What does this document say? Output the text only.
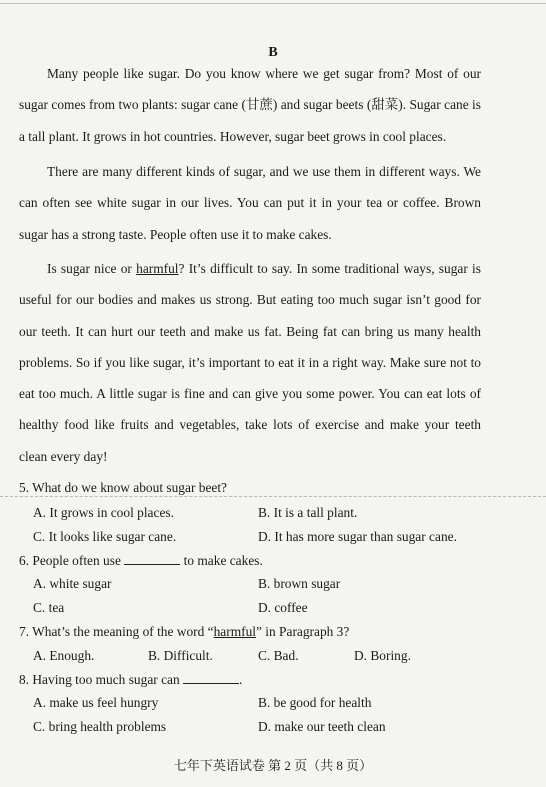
B

Many people like sugar. Do you know where we get sugar from? Most of our sugar comes from two plants: sugar cane (甘蔗) and sugar beets (甜菜). Sugar cane is a tall plant. It grows in hot countries. However, sugar beet grows in cool places.

There are many different kinds of sugar, and we use them in different ways. We can often see white sugar in our lives. You can put it in your tea or coffee. Brown sugar has a strong taste. People often use it to make cakes.

Is sugar nice or harmful? It’s difficult to say. In some traditional ways, sugar is useful for our bodies and makes us strong. But eating too much sugar isn’t good for our teeth. It can hurt our teeth and make us fat. Being fat can bring us many health problems. So if you like sugar, it’s important to eat it in a right way. Make sure not to eat too much. A little sugar is fine and can give you some power. You can eat lots of healthy food like fruits and vegetables, take lots of exercise and make your teeth clean every day!

5. What do we know about sugar beet?
A. It grows in cool places.	B. It is a tall plant.
C. It looks like sugar cane.	D. It has more sugar than sugar cane.
6. People often use	to make cakes.
A. white sugar	B. brown sugar
C. tea	D. coffee
7. What’s the meaning of the word “harmful” in Paragraph 3?
A. Enough.	B. Difficult.	C. Bad.	D. Boring.
8. Having too much sugar can	.
A. make us feel hungry	B. be good for health
C. bring health problems	D. make our teeth clean
七年下英语试卷 第 2 页（共 8 页）
